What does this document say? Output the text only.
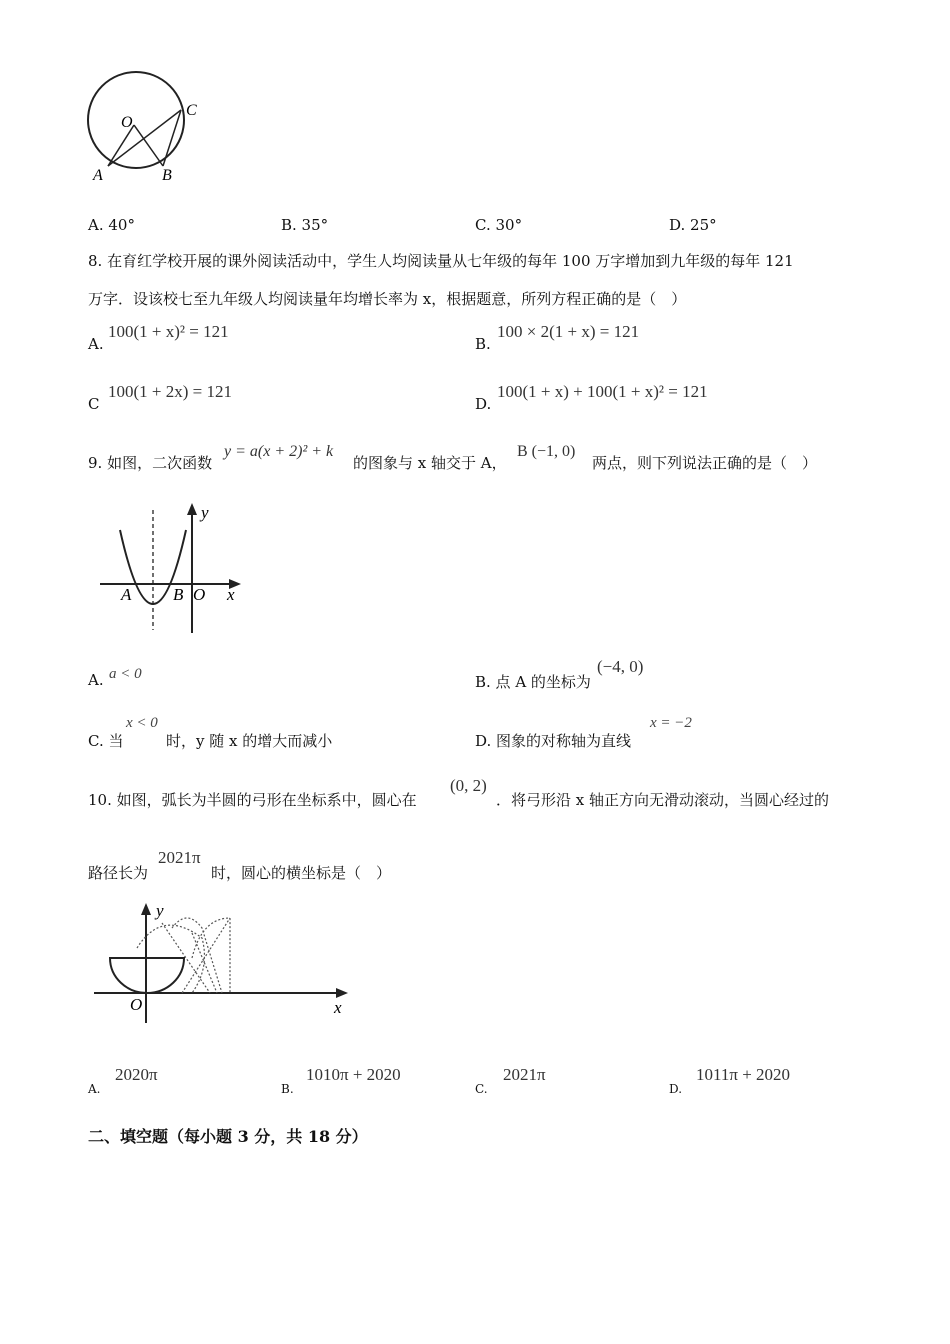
O
C
A	B
A. 40°	B. 35°	C. 30°	D. 25°
8. 在育红学校开展的课外阅读活动中，学生人均阅读量从七年级的每年 100 万字增加到九年级的每年 121
万字．设该校七至九年级人均阅读量年均增长率为 x，根据题意，所列方程正确的是（　）
A.
100(1 + x)² = 121
B.
100 × 2(1 + x) = 121
C
100(1 + 2x) = 121
D.
100(1 + x) + 100(1 + x)² = 121
9. 如图，二次函数
y = a(x + 2)² + k
的图象与 x 轴交于 A，
B (−1, 0)
两点，则下列说法正确的是（　）
y
x
A B O
A. a < 0	B. 点 A 的坐标为
(−4, 0)
C. 当
x < 0
时，y 随 x 的增大而减小	D. 图象的对称轴为直线
x = −2
10. 如图，弧长为半圆的弓形在坐标系中，圆心在
(0, 2)
．将弓形沿 x 轴正方向无滑动滚动，当圆心经过的
路径长为
2021π
时，圆心的横坐标是（　）
y
x
O
A.
2020π
B.
1010π + 2020
C.
2021π
D.
1011π + 2020
二、填空题（每小题 3 分，共 18 分）
